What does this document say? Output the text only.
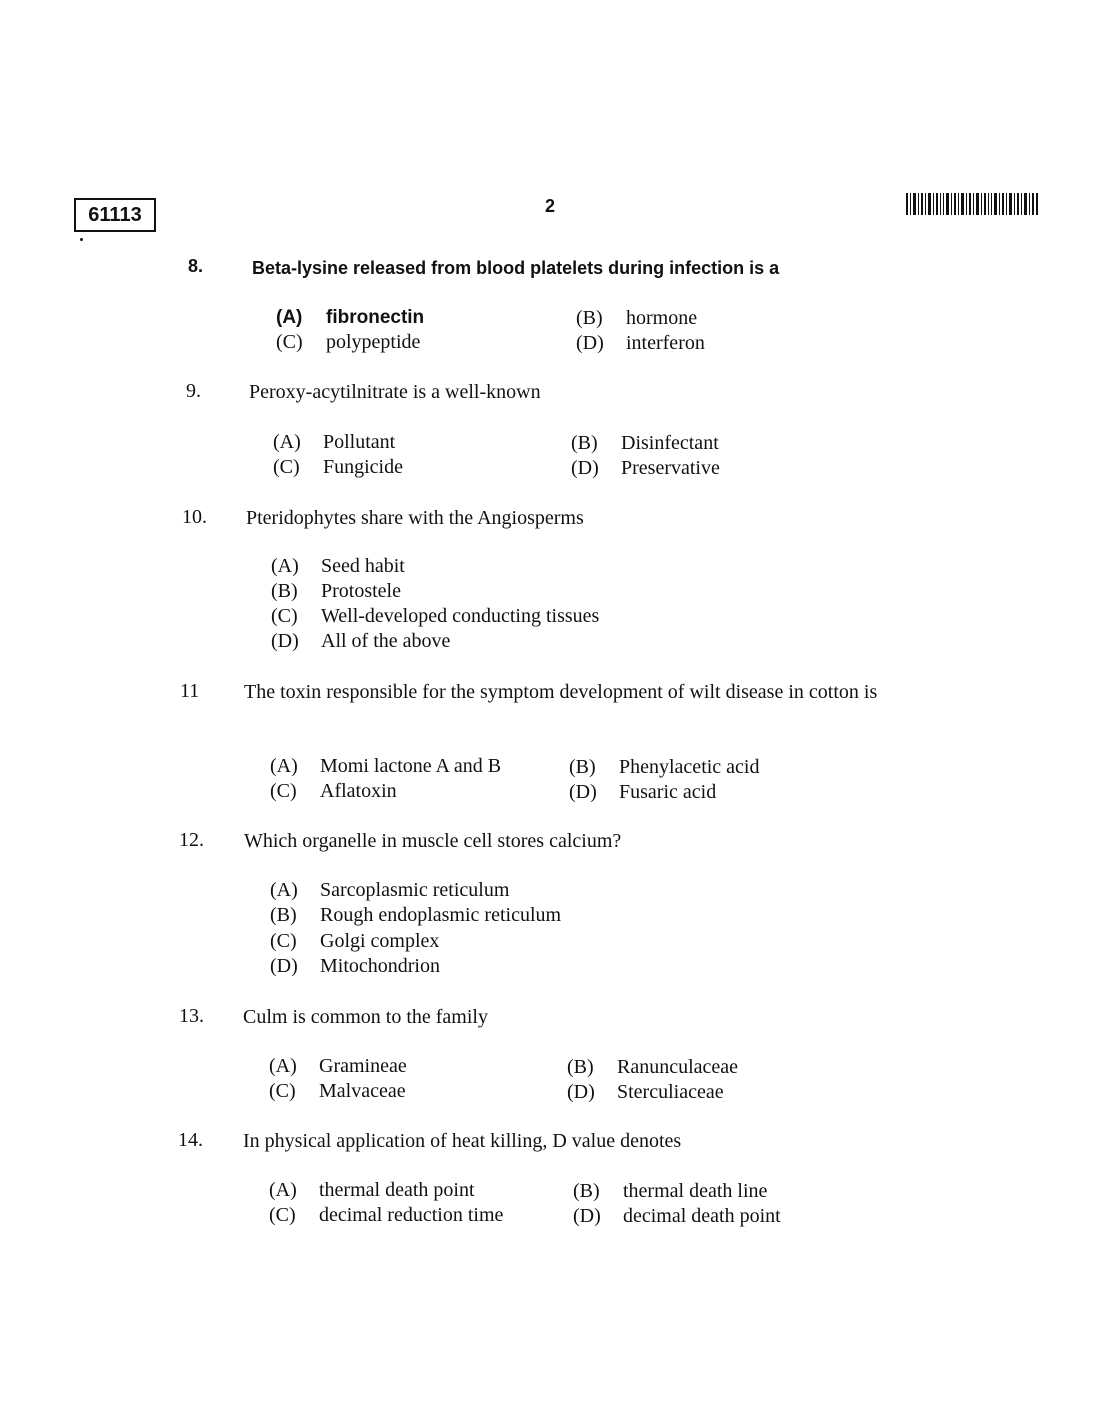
61113	2
8.	Beta-lysine released from blood platelets during infection is a
(A) fibronectin	(B) hormone
(C) polypeptide	(D) interferon
9. Peroxy-acytilnitrate is a well-known
(A) Pollutant	(B) Disinfectant
(C) Fungicide	(D) Preservative
10. Pteridophytes share with the Angiosperms
(A) Seed habit
(B) Protostele
(C) Well-developed conducting tissues
(D) All of the above
11 The toxin responsible for the symptom development of wilt disease in cotton is
(A) Momi lactone A and B	(B) Phenylacetic acid
(C) Aflatoxin	(D) Fusaric acid
12. Which organelle in muscle cell stores calcium?
(A) Sarcoplasmic reticulum
(B) Rough endoplasmic reticulum
(C) Golgi complex
(D) Mitochondrion
13. Culm is common to the family
(A) Gramineae	(B) Ranunculaceae
(C) Malvaceae	(D) Sterculiaceae
14. In physical application of heat killing, D value denotes
(A) thermal death point	(B) thermal death line
(C) decimal reduction time	(D) decimal death point
